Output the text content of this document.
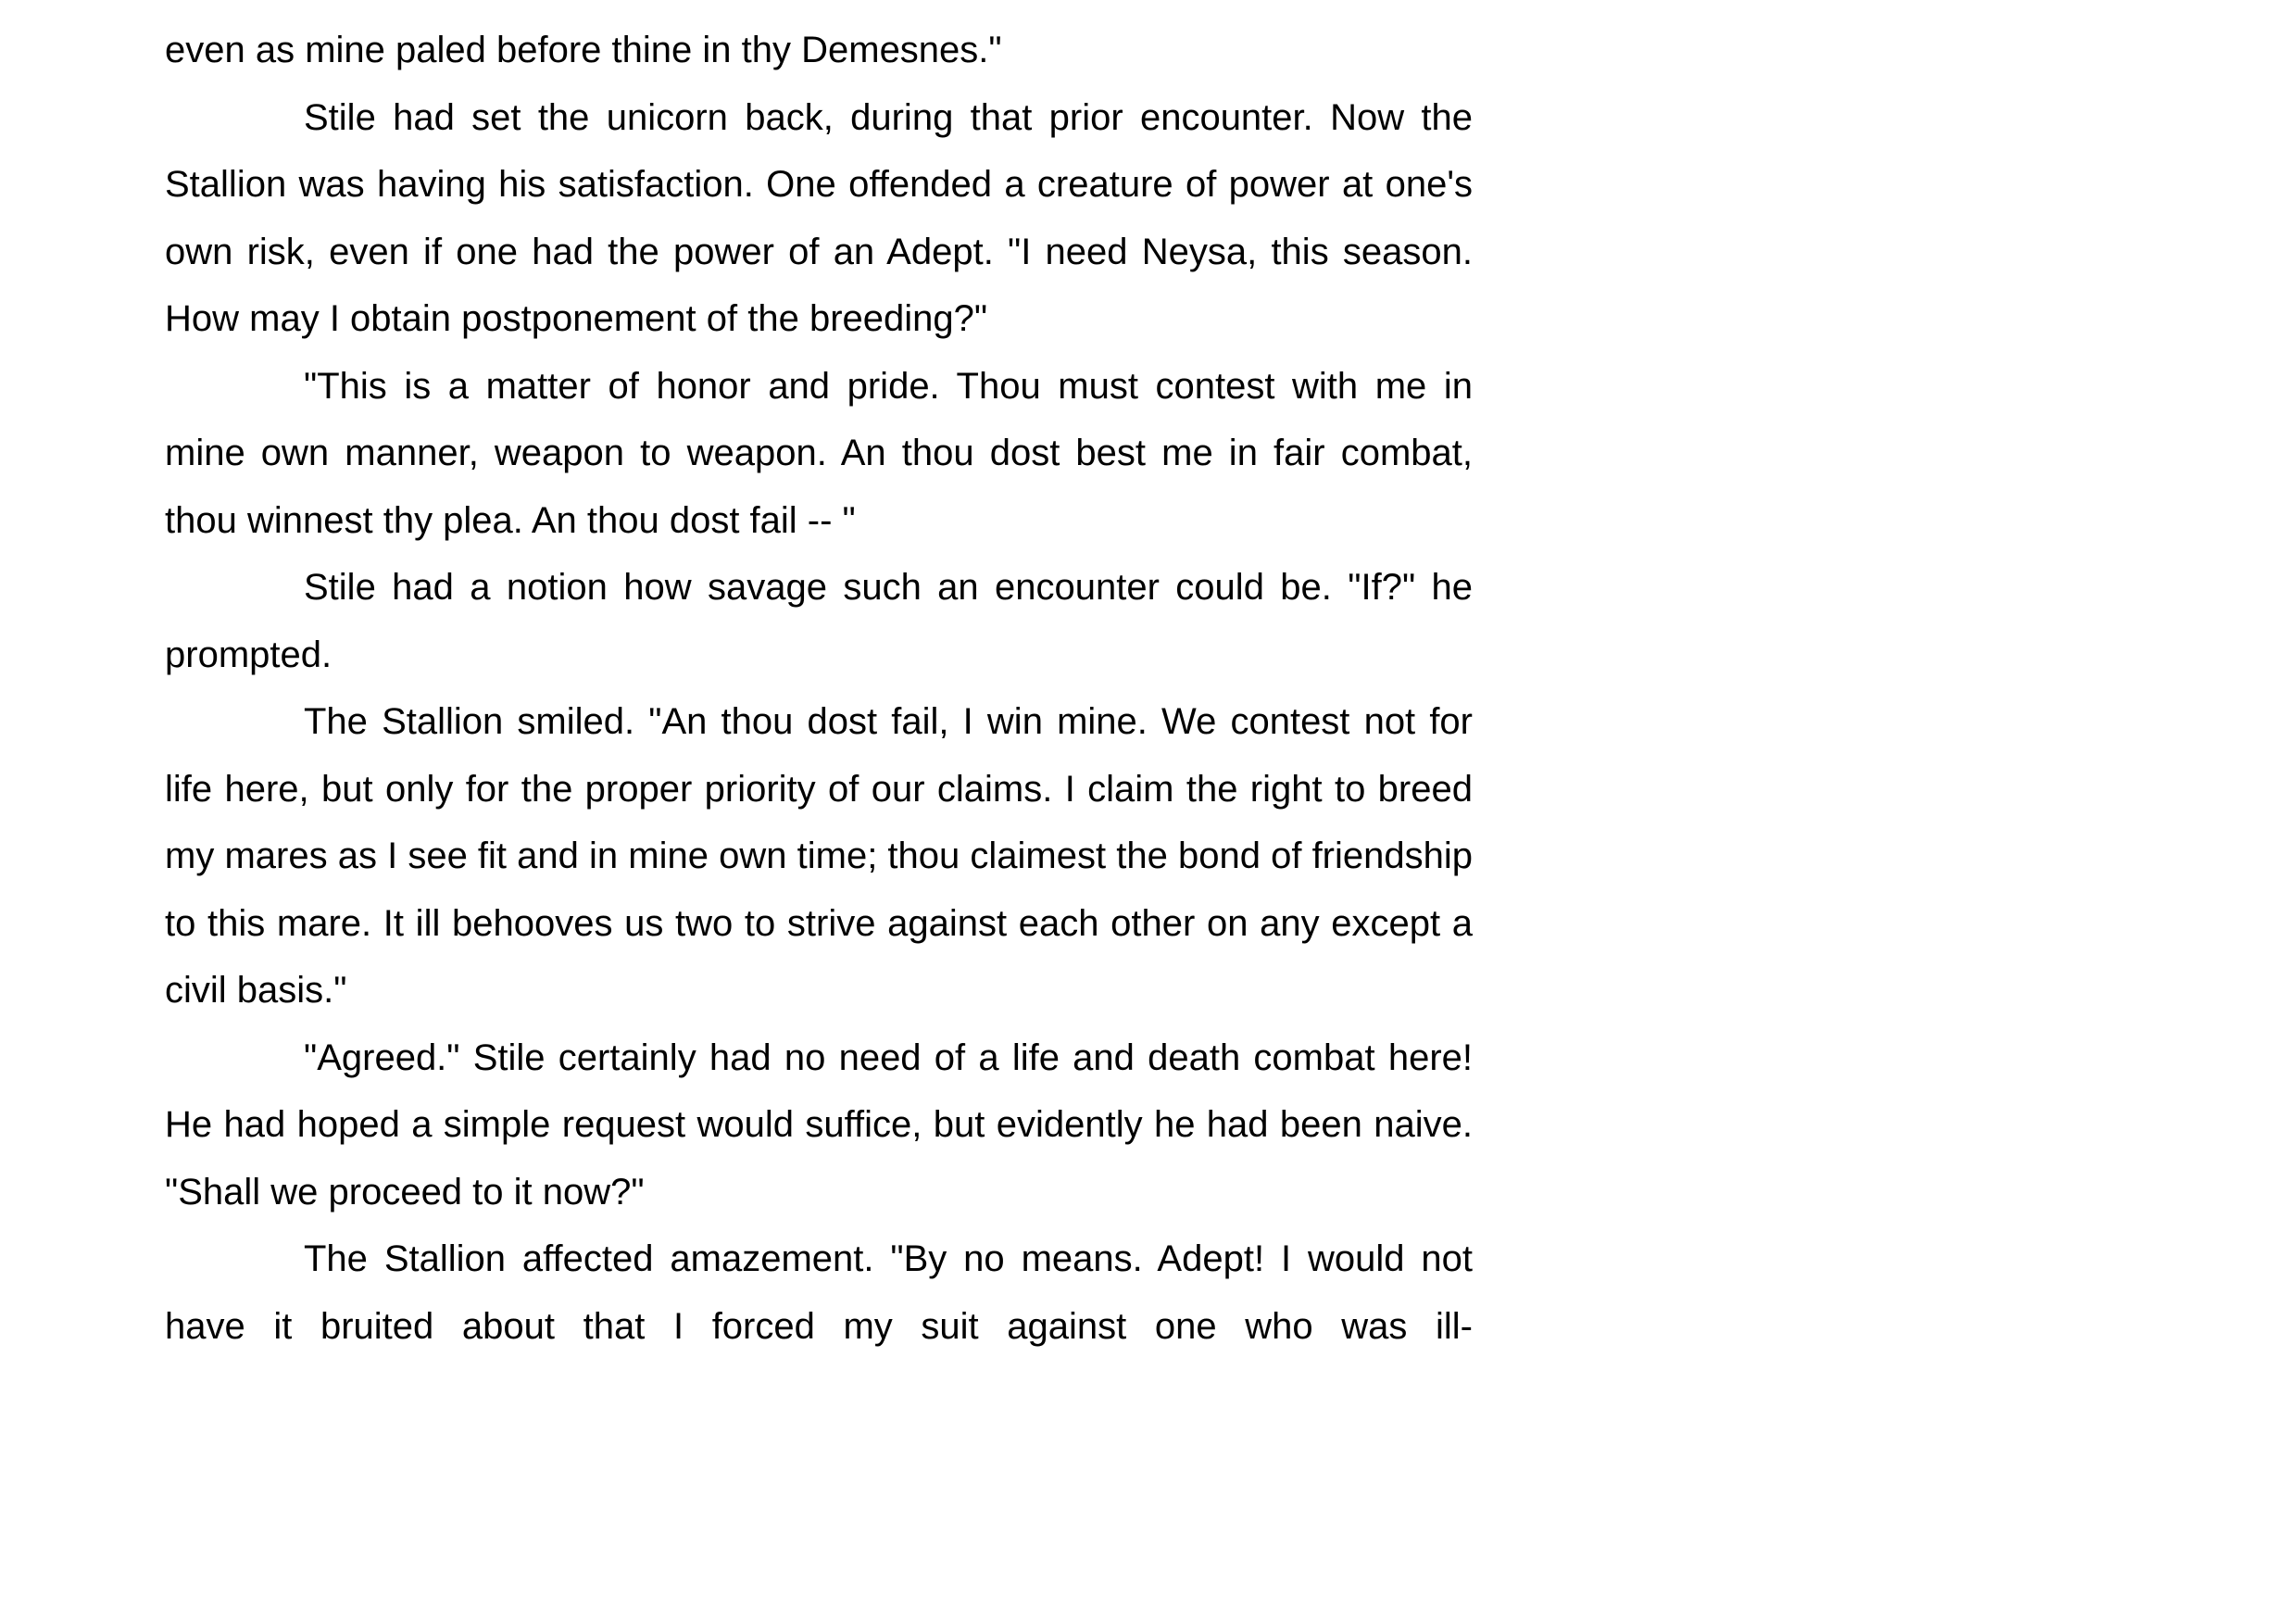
even as mine paled before thine in thy Demesnes."

Stile had set the unicorn back, during that prior encounter. Now the Stallion was having his satisfaction. One offended a creature of power at one's own risk, even if one had the power of an Adept. "I need Neysa, this season. How may I obtain postponement of the breeding?"

"This is a matter of honor and pride. Thou must contest with me in mine own manner, weapon to weapon. An thou dost best me in fair combat, thou winnest thy plea. An thou dost fail -- "

Stile had a notion how savage such an encounter could be. "If?" he prompted.

The Stallion smiled. "An thou dost fail, I win mine. We contest not for life here, but only for the proper priority of our claims. I claim the right to breed my mares as I see fit and in mine own time; thou claimest the bond of friendship to this mare. It ill behooves us two to strive against each other on any except a civil basis."

"Agreed." Stile certainly had no need of a life and death combat here! He had hoped a simple request would suffice, but evidently he had been naive. "Shall we proceed to it now?"

The Stallion affected amazement. "By no means. Adept! I would not have it bruited about that I forced my suit against one who was ill-
